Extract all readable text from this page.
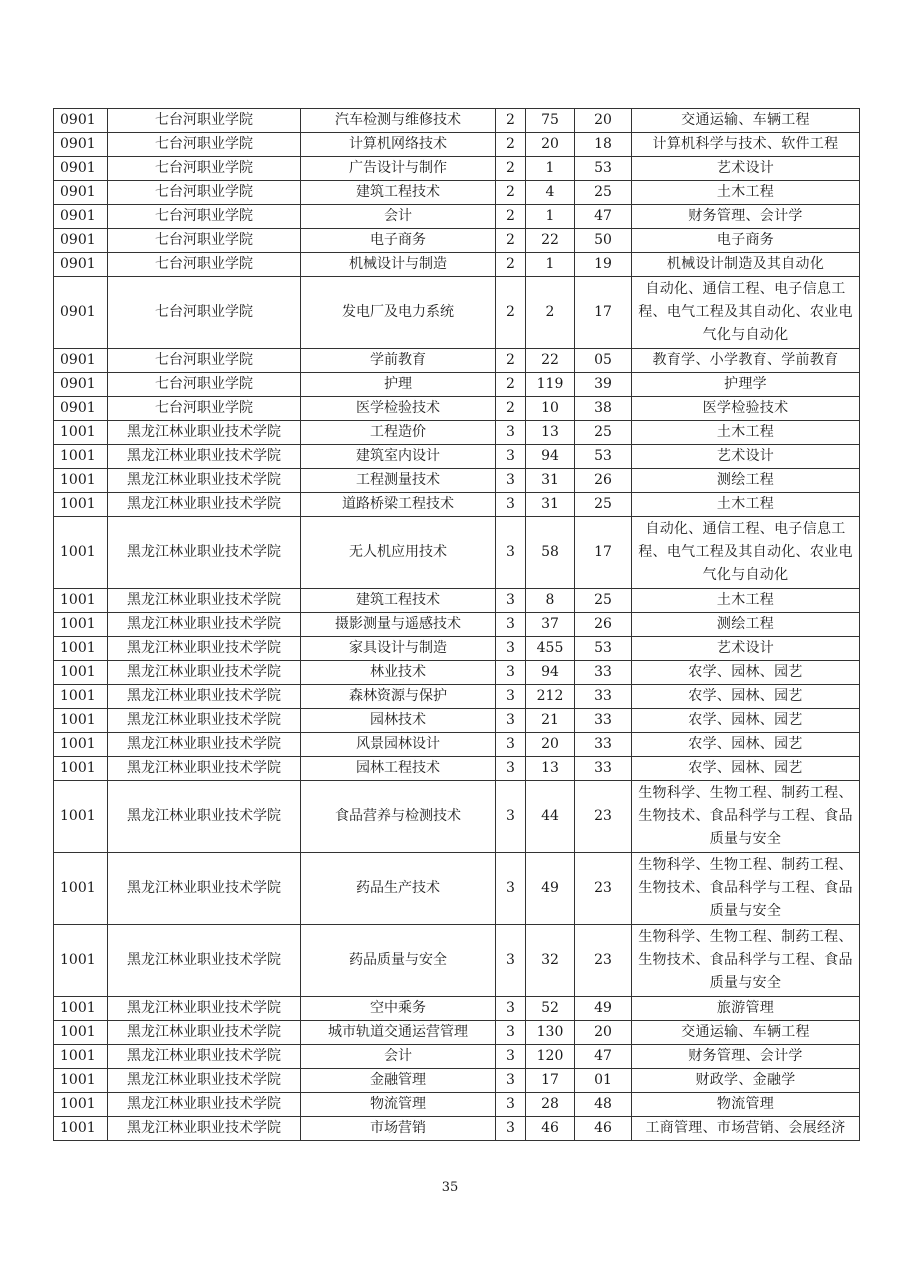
0901	七台河职业学院	汽车检测与维修技术	2	75	20	交通运输、车辆工程
0901	七台河职业学院	计算机网络技术	2	20	18	计算机科学与技术、软件工程
0901	七台河职业学院	广告设计与制作	2	1	53	艺术设计
0901	七台河职业学院	建筑工程技术	2	4	25	土木工程
0901	七台河职业学院	会计	2	1	47	财务管理、会计学
0901	七台河职业学院	电子商务	2	22	50	电子商务
0901	七台河职业学院	机械设计与制造	2	1	19	机械设计制造及其自动化
0901	七台河职业学院	发电厂及电力系统	2	2	17	自动化、通信工程、电子信息工程、电气工程及其自动化、农业电气化与自动化
0901	七台河职业学院	学前教育	2	22	05	教育学、小学教育、学前教育
0901	七台河职业学院	护理	2	119	39	护理学
0901	七台河职业学院	医学检验技术	2	10	38	医学检验技术
1001	黑龙江林业职业技术学院	工程造价	3	13	25	土木工程
1001	黑龙江林业职业技术学院	建筑室内设计	3	94	53	艺术设计
1001	黑龙江林业职业技术学院	工程测量技术	3	31	26	测绘工程
1001	黑龙江林业职业技术学院	道路桥梁工程技术	3	31	25	土木工程
1001	黑龙江林业职业技术学院	无人机应用技术	3	58	17	自动化、通信工程、电子信息工程、电气工程及其自动化、农业电气化与自动化
1001	黑龙江林业职业技术学院	建筑工程技术	3	8	25	土木工程
1001	黑龙江林业职业技术学院	摄影测量与遥感技术	3	37	26	测绘工程
1001	黑龙江林业职业技术学院	家具设计与制造	3	455	53	艺术设计
1001	黑龙江林业职业技术学院	林业技术	3	94	33	农学、园林、园艺
1001	黑龙江林业职业技术学院	森林资源与保护	3	212	33	农学、园林、园艺
1001	黑龙江林业职业技术学院	园林技术	3	21	33	农学、园林、园艺
1001	黑龙江林业职业技术学院	风景园林设计	3	20	33	农学、园林、园艺
1001	黑龙江林业职业技术学院	园林工程技术	3	13	33	农学、园林、园艺
1001	黑龙江林业职业技术学院	食品营养与检测技术	3	44	23	生物科学、生物工程、制药工程、生物技术、食品科学与工程、食品质量与安全
1001	黑龙江林业职业技术学院	药品生产技术	3	49	23	生物科学、生物工程、制药工程、生物技术、食品科学与工程、食品质量与安全
1001	黑龙江林业职业技术学院	药品质量与安全	3	32	23	生物科学、生物工程、制药工程、生物技术、食品科学与工程、食品质量与安全
1001	黑龙江林业职业技术学院	空中乘务	3	52	49	旅游管理
1001	黑龙江林业职业技术学院	城市轨道交通运营管理	3	130	20	交通运输、车辆工程
1001	黑龙江林业职业技术学院	会计	3	120	47	财务管理、会计学
1001	黑龙江林业职业技术学院	金融管理	3	17	01	财政学、金融学
1001	黑龙江林业职业技术学院	物流管理	3	28	48	物流管理
1001	黑龙江林业职业技术学院	市场营销	3	46	46	工商管理、市场营销、会展经济
35
